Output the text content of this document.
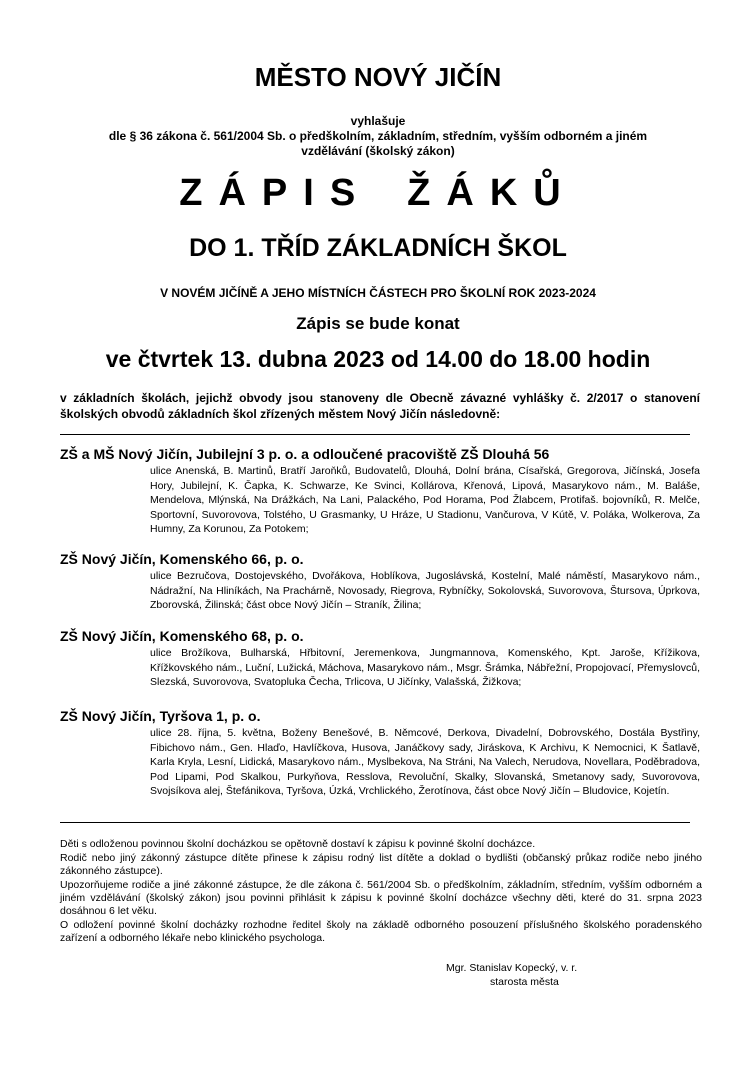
MĚSTO NOVÝ JIČÍN
vyhlašuje
dle § 36 zákona č. 561/2004 Sb. o předškolním, základním, středním, vyšším odborném a jiném
vzdělávání (školský zákon)
ZÁPIS ŽÁKŮ
DO 1. TŘÍD ZÁKLADNÍCH ŠKOL
V NOVÉM JIČÍNĚ A JEHO MÍSTNÍCH ČÁSTECH PRO ŠKOLNÍ ROK 2023-2024
Zápis se bude konat
ve čtvrtek 13. dubna 2023 od 14.00 do 18.00 hodin
v základních školách, jejichž obvody jsou stanoveny dle Obecně závazné vyhlášky č. 2/2017 o stanovení školských obvodů základních škol zřízených městem Nový Jičín následovně:
ZŠ a MŠ Nový Jičín, Jubilejní 3 p. o. a odloučené pracoviště ZŠ Dlouhá 56
ulice Anenská, B. Martinů, Bratří Jaroňků, Budovatelů, Dlouhá, Dolní brána, Císařská, Gregorova, Jičínská, Josefa Hory, Jubilejní, K. Čapka, K. Schwarze, Ke Svinci, Kollárova, Křenová, Lipová, Masarykovo nám., M. Baláše, Mendelova, Mlýnská, Na Drážkách, Na Lani, Palackého, Pod Horama, Pod Žlabcem, Protifaš. bojovníků, R. Melče, Sportovní, Suvorovova, Tolstého, U Grasmanky, U Hráze, U Stadionu, Vančurova, V Kútě, V. Poláka, Wolkerova, Za Humny, Za Korunou, Za Potokem;
ZŠ Nový Jičín, Komenského 66, p. o.
ulice Bezručova, Dostojevského, Dvořákova, Hoblíkova, Jugoslávská, Kostelní, Malé náměstí, Masarykovo nám., Nádražní, Na Hliníkách, Na Prachárně, Novosady, Riegrova, Rybníčky, Sokolovská, Suvorovova, Štursova, Úprkova, Zborovská, Žilinská; část obce Nový Jičín – Straník, Žilina;
ZŠ Nový Jičín, Komenského 68, p. o.
ulice Brožíkova, Bulharská, Hřbitovní, Jeremenkova, Jungmannova, Komenského, Kpt. Jaroše, Křížikova, Křížkovského nám., Luční, Lužická, Máchova, Masarykovo nám., Msgr. Šrámka, Nábřežní, Propojovací, Přemyslovců, Slezská, Suvorovova, Svatopluka Čecha, Trlicova, U Jičínky, Valašská, Žižkova;
ZŠ Nový Jičín, Tyršova 1, p. o.
ulice 28. října, 5. května, Boženy Benešové, B. Němcové, Derkova, Divadelní, Dobrovského, Dostála Bystřiny, Fibichovo nám., Gen. Hlaďo, Havlíčkova, Husova, Janáčkovy sady, Jiráskova, K Archivu, K Nemocnici, K Šatlavě, Karla Kryla, Lesní, Lidická, Masarykovo nám., Myslbekova, Na Stráni, Na Valech, Nerudova, Novellara, Poděbradova, Pod Lipami, Pod Skalkou, Purkyňova, Resslova, Revoluční, Skalky, Slovanská, Smetanovy sady, Suvorovova, Svojsíkova alej, Štefánikova, Tyršova, Úzká, Vrchlického, Žerotínova, část obce Nový Jičín – Bludovice, Kojetín.

Děti s odloženou povinnou školní docházkou se opětovně dostaví k zápisu k povinné školní docházce.

Rodič nebo jiný zákonný zástupce dítěte přinese k zápisu rodný list dítěte a doklad o bydlišti (občanský průkaz rodiče nebo jiného zákonného zástupce).

Upozorňujeme rodiče a jiné zákonné zástupce, že dle zákona č. 561/2004 Sb. o předškolním, základním, středním, vyšším odborném a jiném vzdělávání (školský zákon) jsou povinni přihlásit k zápisu k povinné školní docházce všechny děti, které do 31. srpna 2023 dosáhnou 6 let věku.

O odložení povinné školní docházky rozhodne ředitel školy na základě odborného posouzení příslušného školského poradenského zařízení a odborného lékaře nebo klinického psychologa.

Mgr. Stanislav Kopecký, v. r.
starosta města
